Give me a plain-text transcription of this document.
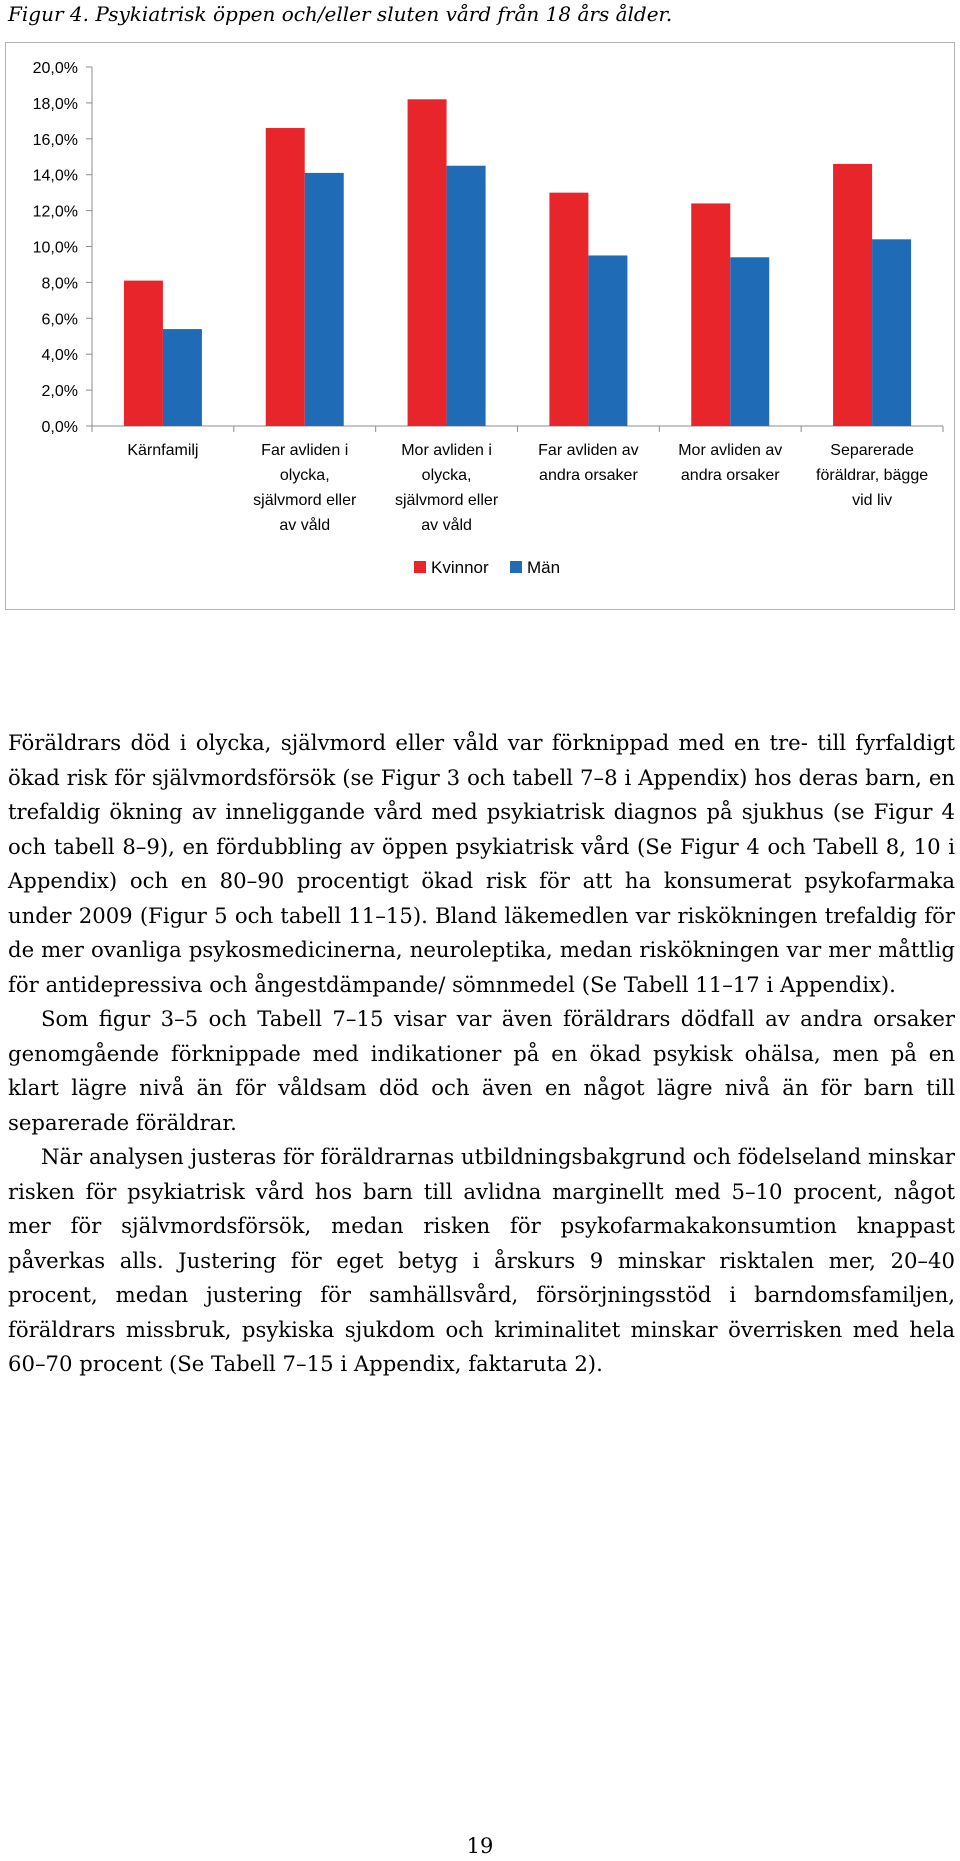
Figur 4. Psykiatrisk öppen och/eller sluten vård från 18 års ålder.
0,0%
2,0%
4,0%
6,0%
8,0%
10,0%
12,0%
14,0%
16,0%
18,0%
20,0%
Kärnfamilj	Far avliden i olycka, självmord eller av våld
Mor avliden i olycka, självmord eller av våld
Far avliden av andra orsaker
Mor avliden av andra orsaker
Separerade föräldrar, bägge vid liv
Kvinnor Män

Föräldrars död i olycka, självmord eller våld var förknippad med en tre- till fyrfaldigt ökad risk för självmordsförsök (se Figur 3 och tabell 7–8 i Appendix) hos deras barn, en trefaldig ökning av inneliggande vård med psykiatrisk diagnos på sjukhus (se Figur 4 och tabell 8–9), en fördubbling av öppen psykiatrisk vård (Se Figur 4 och Tabell 8, 10 i Appendix) och en 80–90 procentigt ökad risk för att ha konsumerat psykofarmaka under 2009 (Figur 5 och tabell 11–15). Bland läkemedlen var riskökningen trefaldig för de mer ovanliga psykosmedicinerna, neuroleptika, medan riskökningen var mer måttlig för antidepressiva och ångestdämpande/ sömnmedel (Se Tabell 11–17 i Appendix).

Som figur 3–5 och Tabell 7–15 visar var även föräldrars dödfall av andra orsaker genomgående förknippade med indikationer på en ökad psykisk ohälsa, men på en klart lägre nivå än för våldsam död och även en något lägre nivå än för barn till separerade föräldrar.

När analysen justeras för föräldrarnas utbildningsbakgrund och födelseland minskar risken för psykiatrisk vård hos barn till avlidna marginellt med 5–10 procent, något mer för självmordsförsök, medan risken för psykofarmakakonsumtion knappast påverkas alls. Justering för eget betyg i årskurs 9 minskar risktalen mer, 20–40 procent, medan justering för samhällsvård, försörjningsstöd i barndomsfamiljen, föräldrars missbruk, psykiska sjukdom och kriminalitet minskar överrisken med hela 60–70 procent (Se Tabell 7–15 i Appendix, faktaruta 2).

19
